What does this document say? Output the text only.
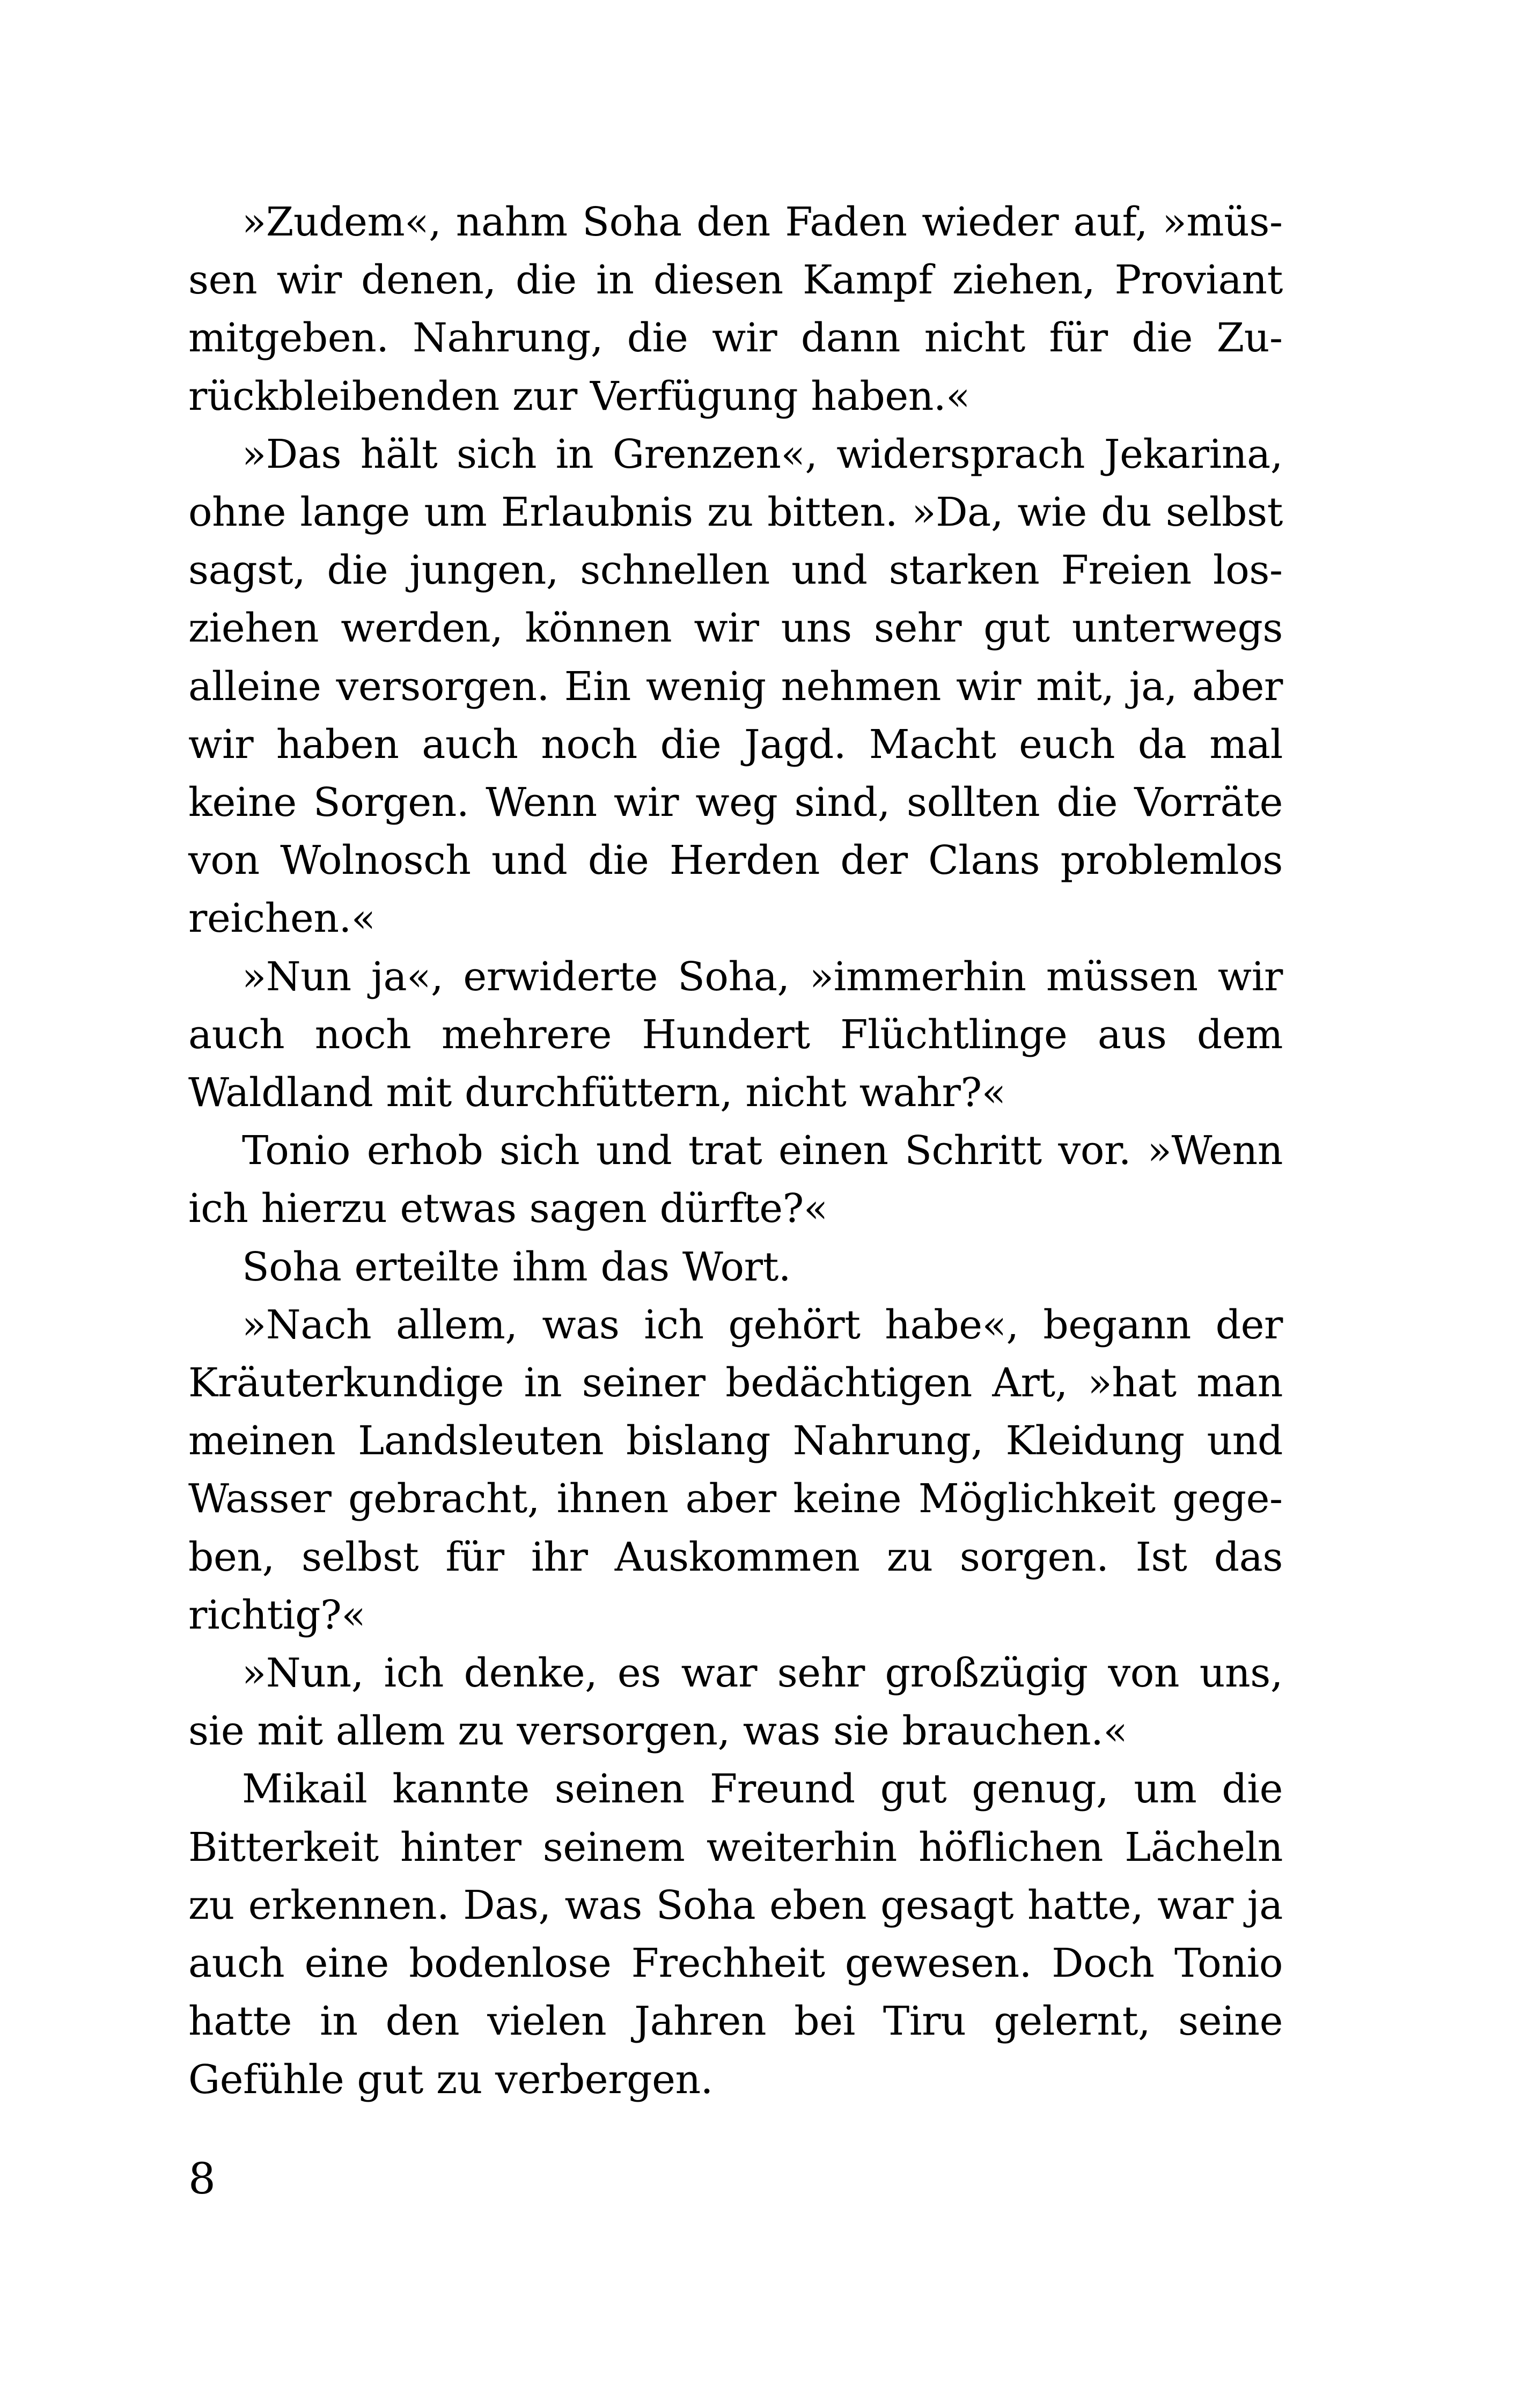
»Zudem«, nahm Soha den Faden wieder auf, »müssen wir denen, die in diesen Kampf ziehen, Proviant mitgeben. Nahrung, die wir dann nicht für die Zurückbleibenden zur Verfügung haben.«

»Das hält sich in Grenzen«, widersprach Jekarina, ohne lange um Erlaubnis zu bitten. »Da, wie du selbst sagst, die jungen, schnellen und starken Freien losziehen werden, können wir uns sehr gut unterwegs alleine versorgen. Ein wenig nehmen wir mit, ja, aber wir haben auch noch die Jagd. Macht euch da mal keine Sorgen. Wenn wir weg sind, sollten die Vorräte von Wolnosch und die Herden der Clans problemlos reichen.«

»Nun ja«, erwiderte Soha, »immerhin müssen wir auch noch mehrere Hundert Flüchtlinge aus dem Waldland mit durchfüttern, nicht wahr?«

Tonio erhob sich und trat einen Schritt vor. »Wenn ich hierzu etwas sagen dürfte?«

Soha erteilte ihm das Wort.

»Nach allem, was ich gehört habe«, begann der Kräuterkundige in seiner bedächtigen Art, »hat man meinen Landsleuten bislang Nahrung, Kleidung und Wasser gebracht, ihnen aber keine Möglichkeit gegeben, selbst für ihr Auskommen zu sorgen. Ist das richtig?«

»Nun, ich denke, es war sehr großzügig von uns, sie mit allem zu versorgen, was sie brauchen.«

Mikail kannte seinen Freund gut genug, um die Bitterkeit hinter seinem weiterhin höflichen Lächeln zu erkennen. Das, was Soha eben gesagt hatte, war ja auch eine bodenlose Frechheit gewesen. Doch Tonio hatte in den vielen Jahren bei Tiru gelernt, seine Gefühle gut zu verbergen.

8
